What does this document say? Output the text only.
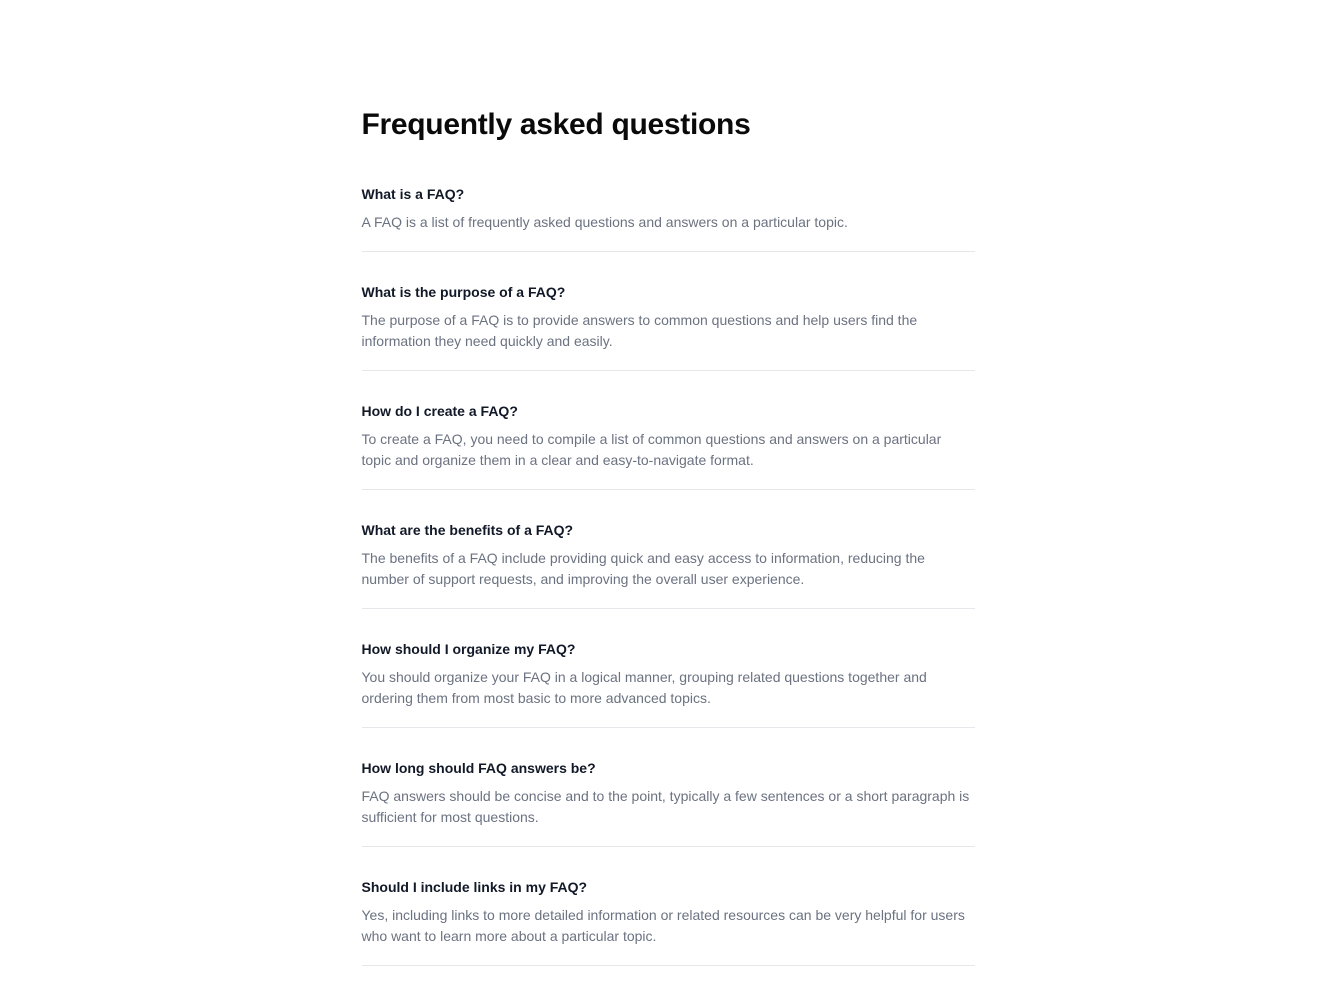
Frequently asked questions
What is a FAQ?

A FAQ is a list of frequently asked questions and answers on a particular topic.

What is the purpose of a FAQ?

The purpose of a FAQ is to provide answers to common questions and help users find the information they need quickly and easily.

How do I create a FAQ?

To create a FAQ, you need to compile a list of common questions and answers on a particular topic and organize them in a clear and easy-to-navigate format.

What are the benefits of a FAQ?

The benefits of a FAQ include providing quick and easy access to information, reducing the number of support requests, and improving the overall user experience.

How should I organize my FAQ?

You should organize your FAQ in a logical manner, grouping related questions together and ordering them from most basic to more advanced topics.

How long should FAQ answers be?

FAQ answers should be concise and to the point, typically a few sentences or a short paragraph is sufficient for most questions.

Should I include links in my FAQ?

Yes, including links to more detailed information or related resources can be very helpful for users who want to learn more about a particular topic.
